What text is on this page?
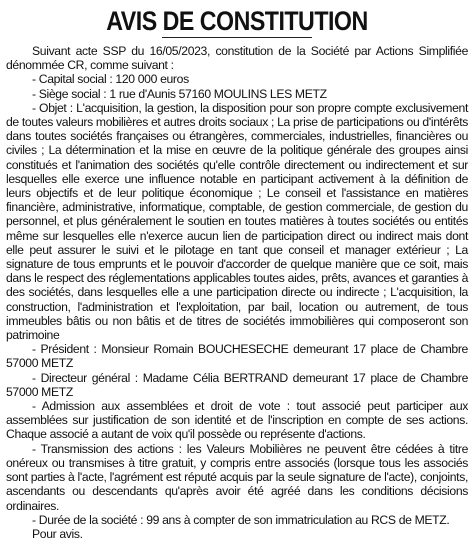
AVIS DE CONSTITUTION

Suivant acte SSP du 16/05/2023, constitution de la Société par Actions Simplifiée dénommée CR, comme suivant :

- Capital social : 120 000 euros

- Siège social : 1 rue d'Aunis 57160 MOULINS LES METZ

- Objet : L'acquisition, la gestion, la disposition pour son propre compte exclusivement de toutes valeurs mobilières et autres droits sociaux ; La prise de participations ou d'intérêts dans toutes sociétés françaises ou étrangères, commerciales, industrielles, financières ou civiles ; La détermination et la mise en œuvre de la politique générale des groupes ainsi constitués et l'animation des sociétés qu'elle contrôle directement ou indirectement et sur lesquelles elle exerce une influence notable en participant activement à la définition de leurs objectifs et de leur politique économique ; Le conseil et l'assistance en matières financière, administrative, informatique, comptable, de gestion commerciale, de gestion du personnel, et plus généralement le soutien en toutes matières à toutes sociétés ou entités même sur lesquelles elle n'exerce aucun lien de participation direct ou indirect mais dont elle peut assurer le suivi et le pilotage en tant que conseil et manager extérieur ; La signature de tous emprunts et le pouvoir d'accorder de quelque manière que ce soit, mais dans le respect des réglementations applicables toutes aides, prêts, avances et garanties à des sociétés, dans lesquelles elle a une participation directe ou indirecte ; L'acquisition, la construction, l'administration et l'exploitation, par bail, location ou autrement, de tous immeubles bâtis ou non bâtis et de titres de sociétés immobilières qui composeront son patrimoine

- Président : Monsieur Romain BOUCHESECHE demeurant 17 place de Chambre 57000 METZ

- Directeur général : Madame Célia BERTRAND demeurant 17 place de Chambre 57000 METZ

- Admission aux assemblées et droit de vote : tout associé peut participer aux assemblées sur justification de son identité et de l'inscription en compte de ses actions. Chaque associé a autant de voix qu'il possède ou représente d'actions.

- Transmission des actions : les Valeurs Mobilières ne peuvent être cédées à titre onéreux ou transmises à titre gratuit, y compris entre associés (lorsque tous les associés sont parties à l'acte, l'agrément est réputé acquis par la seule signature de l'acte), conjoints, ascendants ou descendants qu'après avoir été agréé dans les conditions décisions ordinaires.

- Durée de la société : 99 ans à compter de son immatriculation au RCS de METZ.

Pour avis.
